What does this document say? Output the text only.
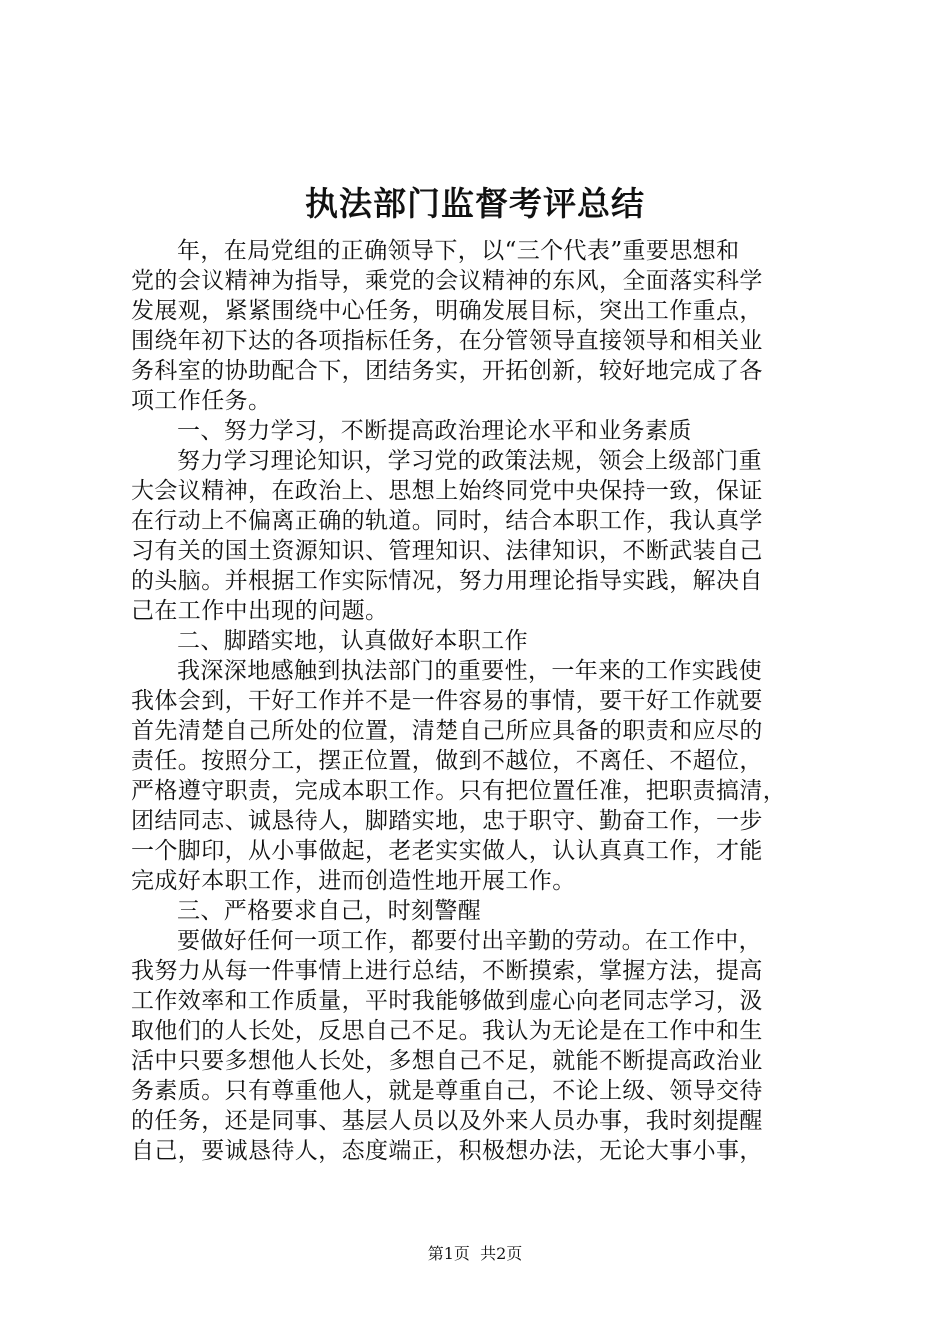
执法部门监督考评总结
年，在局党组的正确领导下，以“三个代表”重要思想和
党的会议精神为指导，乘党的会议精神的东风，全面落实科学
发展观，紧紧围绕中心任务，明确发展目标，突出工作重点，
围绕年初下达的各项指标任务，在分管领导直接领导和相关业
务科室的协助配合下，团结务实，开拓创新，较好地完成了各
项工作任务。
一、努力学习，不断提高政治理论水平和业务素质
努力学习理论知识，学习党的政策法规，领会上级部门重
大会议精神，在政治上、思想上始终同党中央保持一致，保证
在行动上不偏离正确的轨道。同时，结合本职工作，我认真学
习有关的国土资源知识、管理知识、法律知识，不断武装自己
的头脑。并根据工作实际情况，努力用理论指导实践，解决自
己在工作中出现的问题。
二、脚踏实地，认真做好本职工作
我深深地感触到执法部门的重要性，一年来的工作实践使
我体会到，干好工作并不是一件容易的事情，要干好工作就要
首先清楚自己所处的位置，清楚自己所应具备的职责和应尽的
责任。按照分工，摆正位置，做到不越位，不离任、不超位，
严格遵守职责，完成本职工作。只有把位置任准，把职责搞清，
团结同志、诚恳待人，脚踏实地，忠于职守、勤奋工作，一步
一个脚印，从小事做起，老老实实做人，认认真真工作，才能
完成好本职工作，进而创造性地开展工作。
三、严格要求自己，时刻警醒
要做好任何一项工作，都要付出辛勤的劳动。在工作中，
我努力从每一件事情上进行总结，不断摸索，掌握方法，提高
工作效率和工作质量，平时我能够做到虚心向老同志学习，汲
取他们的人长处，反思自己不足。我认为无论是在工作中和生
活中只要多想他人长处，多想自己不足，就能不断提高政治业
务素质。只有尊重他人，就是尊重自己，不论上级、领导交待
的任务，还是同事、基层人员以及外来人员办事，我时刻提醒
自己，要诚恳待人，态度端正，积极想办法，无论大事小事，
第1页  共2页
